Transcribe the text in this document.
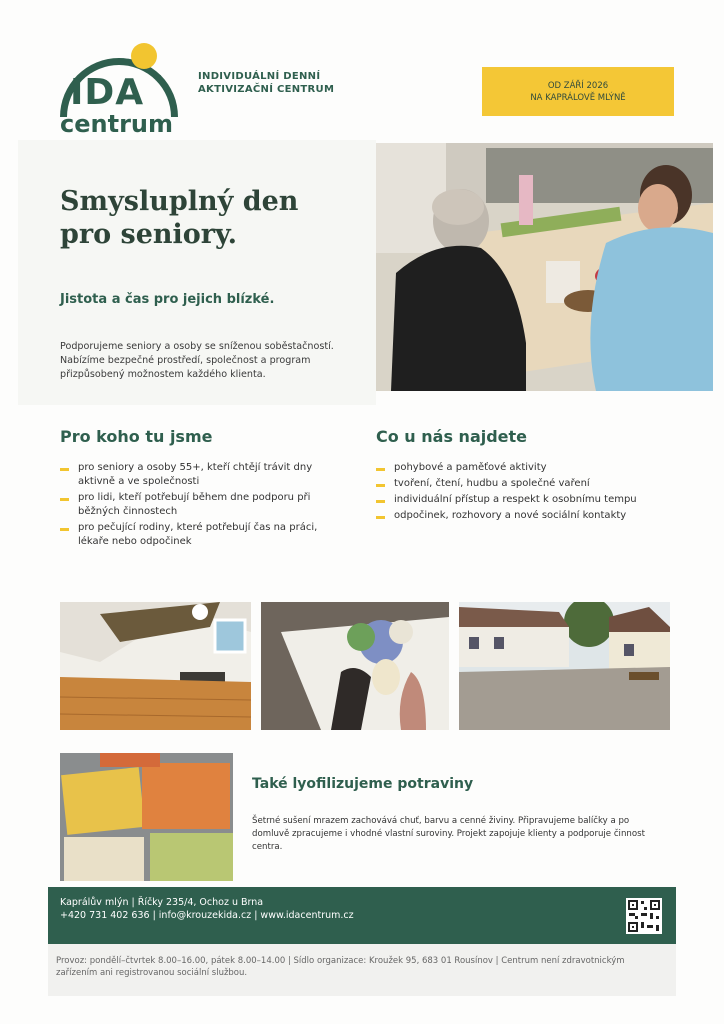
IDA
centrum
INDIVIDUÁLNÍ DENNÍ
AKTIVIZAČNÍ CENTRUM	OD ZÁŘÍ 2026
NA KAPRÁLOVĚ MLÝNĚ
Smysluplný den
pro seniory.
Jistota a čas pro jejich blízké.
Podporujeme seniory a osoby se sníženou soběstačností. Nabízíme bezpečné prostředí, společnost a program přizpůsobený možnostem každého klienta.
Pro koho tu jsme
pro seniory a osoby 55+, kteří chtějí trávit dny aktivně a ve společnosti
pro lidi, kteří potřebují během dne podporu při běžných činnostech
pro pečující rodiny, které potřebují čas na práci, lékaře nebo odpočinek
Co u nás najdete
pohybové a paměťové aktivity
tvoření, čtení, hudbu a společné vaření
individuální přístup a respekt k osobnímu tempu
odpočinek, rozhovory a nové sociální kontakty
Také lyofilizujeme potraviny
Šetrné sušení mrazem zachovává chuť, barvu a cenné živiny. Připravujeme balíčky a po domluvě zpracujeme i vhodné vlastní suroviny. Projekt zapojuje klienty a podporuje činnost centra.
Kaprálův mlýn | Říčky 235/4, Ochoz u Brna
+420 731 402 636 | info@krouzekida.cz | www.idacentrum.cz

Provoz: pondělí–čtvrtek 8.00–16.00, pátek 8.00–14.00 | Sídlo organizace: Kroužek 95, 683 01 Rousínov | Centrum není zdravotnickým zařízením ani registrovanou sociální službou.
